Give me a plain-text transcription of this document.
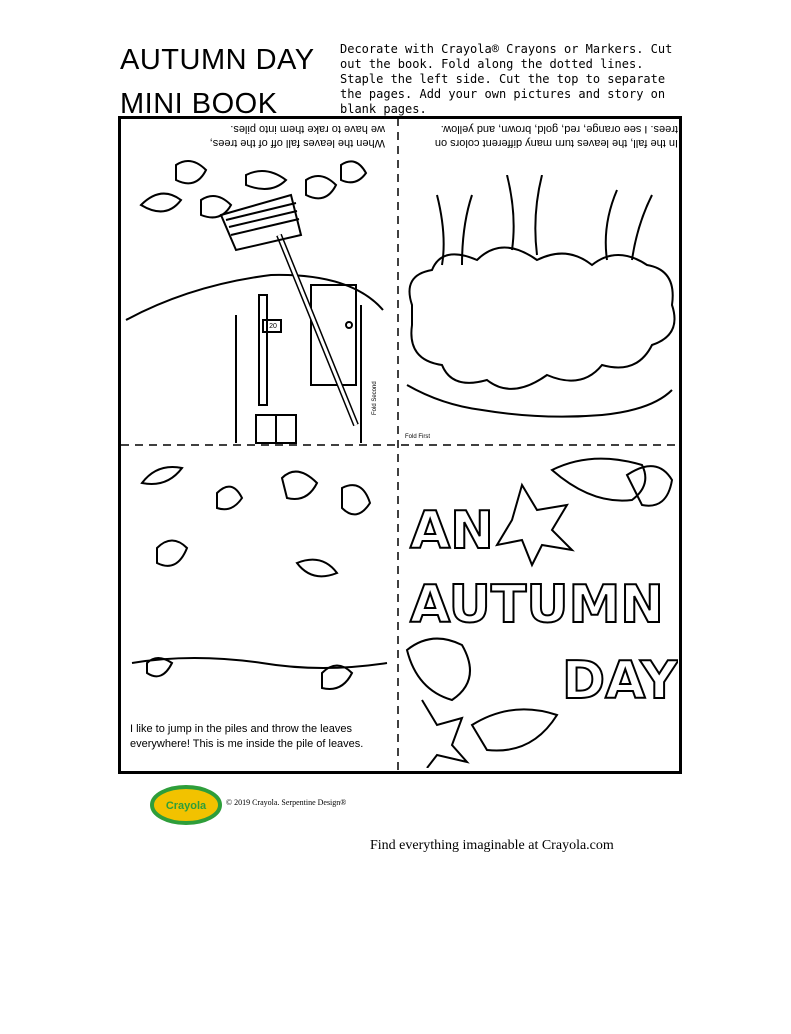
AUTUMN DAY
MINI BOOK
Decorate with Crayola® Crayons or Markers. Cut out the book. Fold along the dotted lines. Staple the left side. Cut the top to separate the pages. Add your own pictures and story on blank pages.
When the leaves fall off of the trees, we have to rake them into piles.
20
In the fall, the leaves turn many different colors on trees. I see orange, red, gold, brown, and yellow.
Fold First
Fold Second
I like to jump in the piles and throw the leaves everywhere! This is me inside the pile of leaves.
AN
AUTUMN
DAY
Crayola © 2019 Crayola. Serpentine Design®
Find everything imaginable at Crayola.com
